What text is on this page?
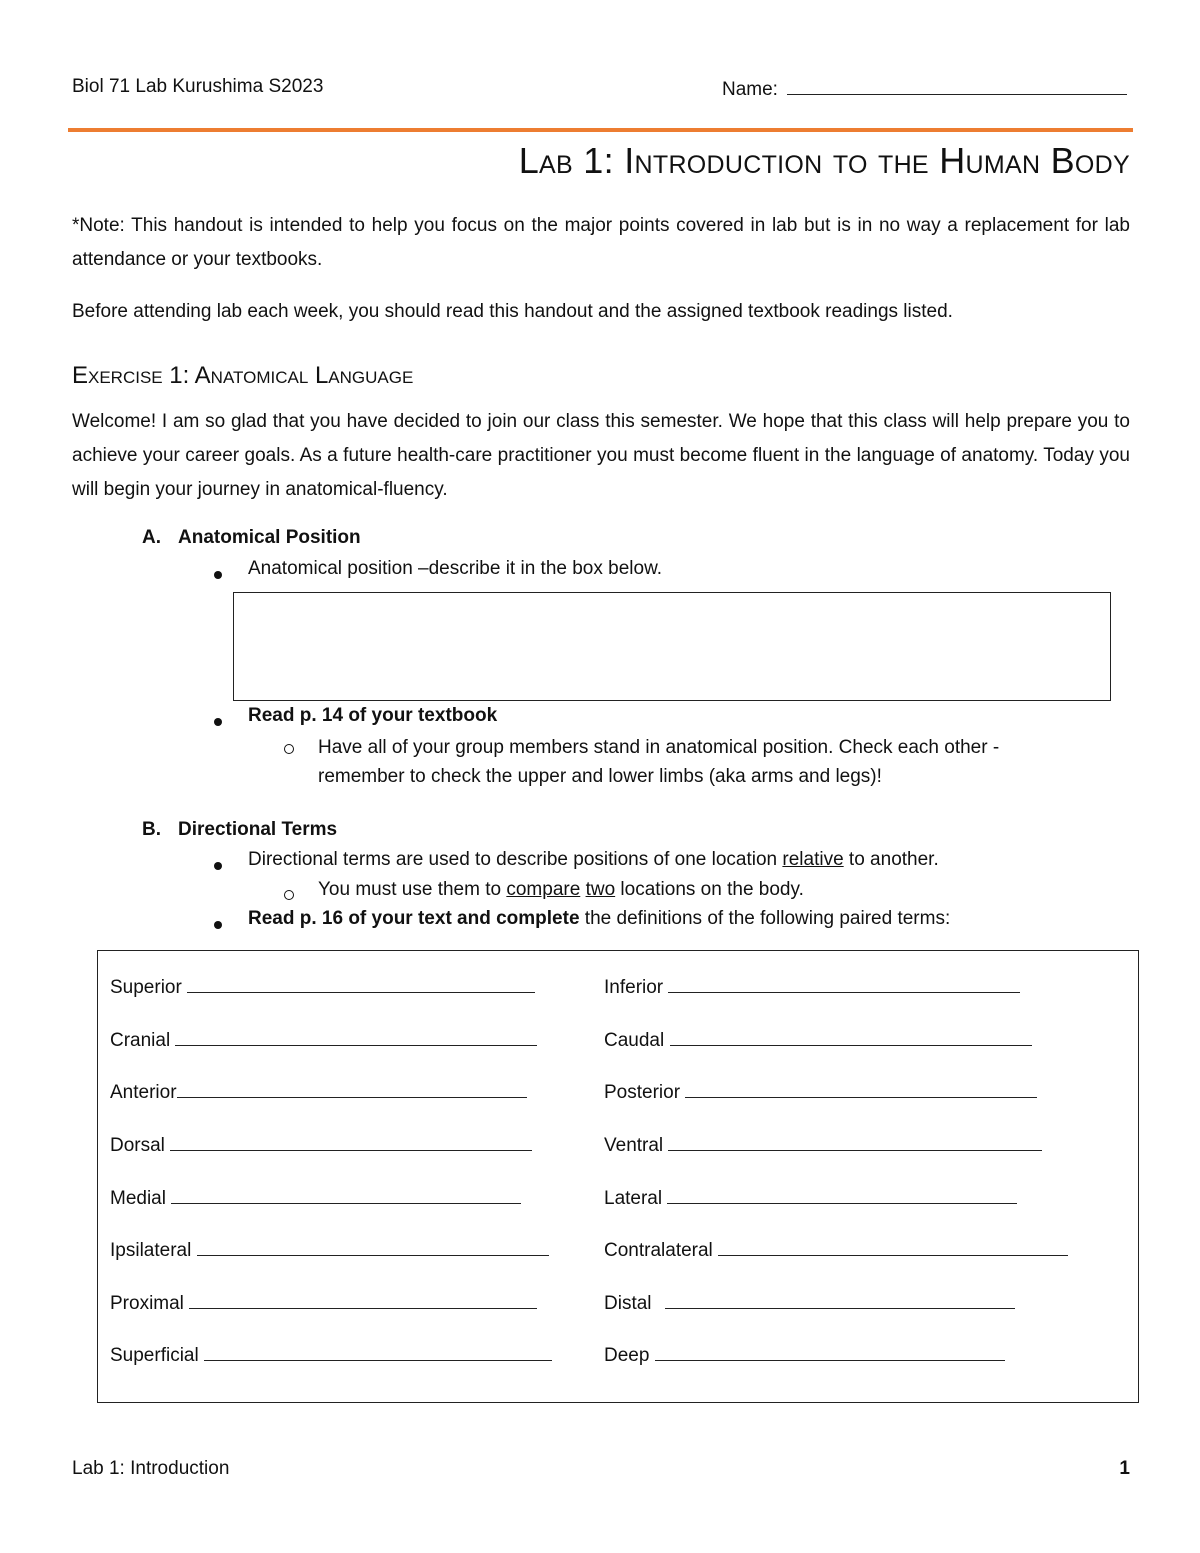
Biol 71 Lab Kurushima S2023	Name:
Lab 1: Introduction to the Human Body
*Note: This handout is intended to help you focus on the major points covered in lab but is in no way a replacement for lab attendance or your textbooks.
Before attending lab each week, you should read this handout and the assigned textbook readings listed.
Exercise 1: Anatomical Language
Welcome! I am so glad that you have decided to join our class this semester. We hope that this class will help prepare you to achieve your career goals. As a future health-care practitioner you must become fluent in the language of anatomy. Today you will begin your journey in anatomical-fluency.
A. Anatomical Position
Anatomical position –describe it in the box below.
Read p. 14 of your textbook
Have all of your group members stand in anatomical position. Check each other -
remember to check the upper and lower limbs (aka arms and legs)!
B. Directional Terms
Directional terms are used to describe positions of one location relative to another.
You must use them to compare two locations on the body.
Read p. 16 of your text and complete the definitions of the following paired terms:
Superior
Cranial
Anterior
Dorsal
Medial
Ipsilateral
Proximal
Superficial
Inferior
Caudal
Posterior
Ventral
Lateral
Contralateral
Distal
Deep
Lab 1: Introduction	1
